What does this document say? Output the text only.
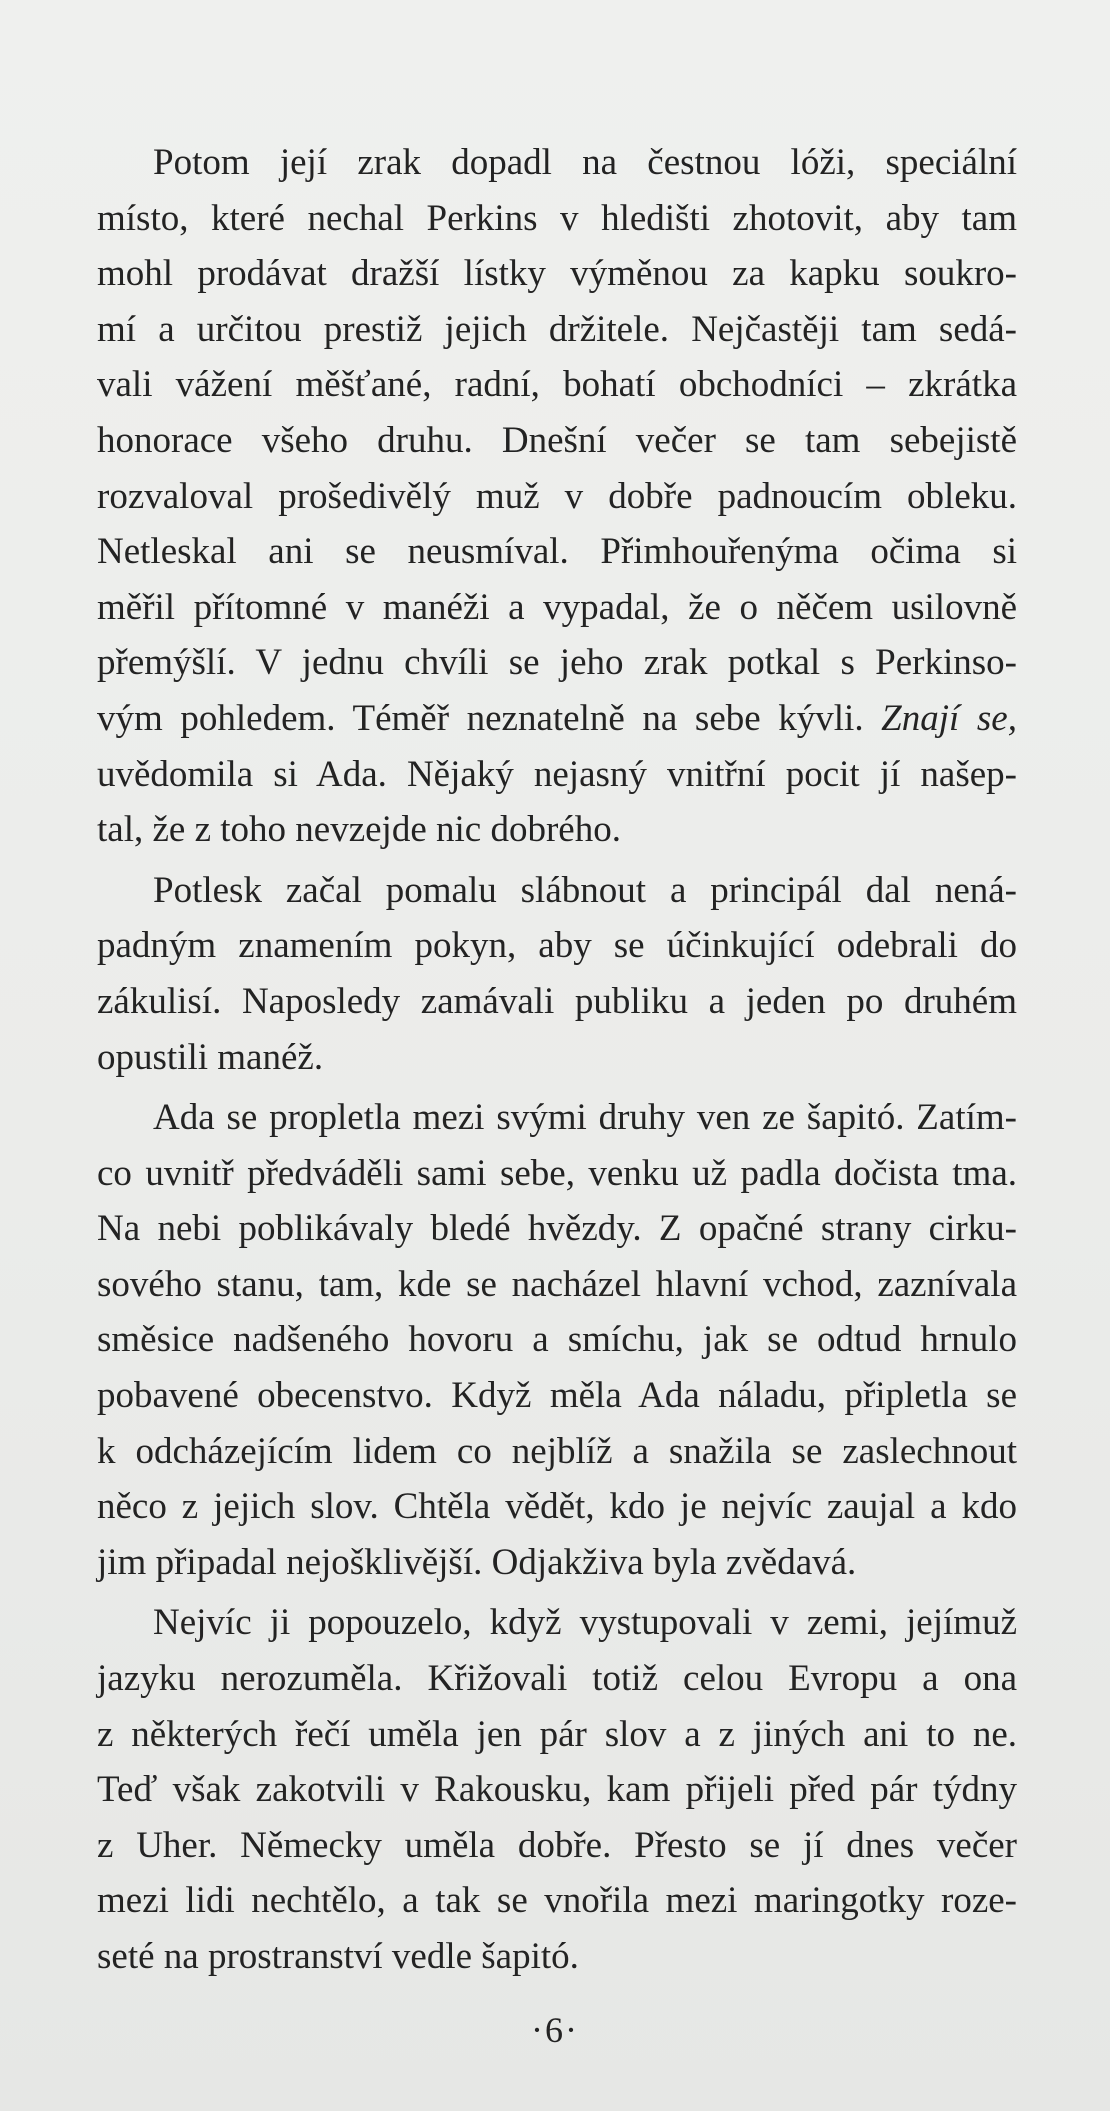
Potom její zrak dopadl na čestnou lóži, speciální
místo, které nechal Perkins v hledišti zhotovit, aby tam
mohl prodávat dražší lístky výměnou za kapku soukro-
mí a určitou prestiž jejich držitele. Nejčastěji tam sedá-
vali vážení měšťané, radní, bohatí obchodníci – zkrátka
honorace všeho druhu. Dnešní večer se tam sebejistě
rozvaloval prošedivělý muž v dobře padnoucím obleku.
Netleskal ani se neusmíval. Přimhouřenýma očima si
měřil přítomné v manéži a vypadal, že o něčem usilovně
přemýšlí. V jednu chvíli se jeho zrak potkal s Perkinso-
vým pohledem. Téměř neznatelně na sebe kývli. Znají se,
uvědomila si Ada. Nějaký nejasný vnitřní pocit jí našep-
tal, že z toho nevzejde nic dobrého.
Potlesk začal pomalu slábnout a principál dal nená-
padným znamením pokyn, aby se účinkující odebrali do
zákulisí. Naposledy zamávali publiku a jeden po druhém
opustili manéž.
Ada se propletla mezi svými druhy ven ze šapitó. Zatím-
co uvnitř předváděli sami sebe, venku už padla dočista tma.
Na nebi poblikávaly bledé hvězdy. Z opačné strany cirku-
sového stanu, tam, kde se nacházel hlavní vchod, zaznívala
směsice nadšeného hovoru a smíchu, jak se odtud hrnulo
pobavené obecenstvo. Když měla Ada náladu, připletla se
k odcházejícím lidem co nejblíž a snažila se zaslechnout
něco z jejich slov. Chtěla vědět, kdo je nejvíc zaujal a kdo
jim připadal nejošklivější. Odjakživa byla zvědavá.
Nejvíc ji popouzelo, když vystupovali v zemi, jejímuž
jazyku nerozuměla. Křižovali totiž celou Evropu a ona
z některých řečí uměla jen pár slov a z jiných ani to ne.
Teď však zakotvili v Rakousku, kam přijeli před pár týdny
z Uher. Německy uměla dobře. Přesto se jí dnes večer
mezi lidi nechtělo, a tak se vnořila mezi maringotky roze-
seté na prostranství vedle šapitó.
·6·
